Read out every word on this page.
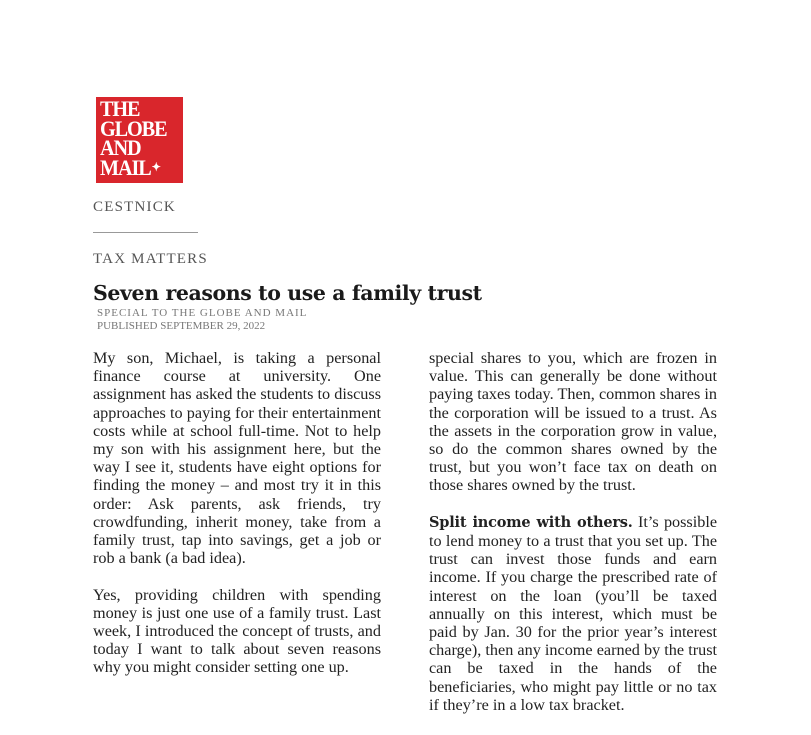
THE
GLOBE
AND
MAIL✦
CESTNICK
TAX MATTERS
Seven reasons to use a family trust
SPECIAL TO THE GLOBE AND MAIL
PUBLISHED SEPTEMBER 29, 2022

My son, Michael, is taking a personal finance course at university. One assignment has asked the students to discuss approaches to paying for their entertainment costs while at school full-time. Not to help my son with his assignment here, but the way I see it, students have eight options for finding the money – and most try it in this order: Ask parents, ask friends, try crowdfunding, inherit money, take from a family trust, tap into savings, get a job or rob a bank (a bad idea).

Yes, providing children with spending money is just one use of a family trust. Last week, I introduced the concept of trusts, and today I want to talk about seven reasons why you might consider setting one up.

special shares to you, which are frozen in value. This can generally be done without paying taxes today. Then, common shares in the corporation will be issued to a trust. As the assets in the corporation grow in value, so do the common shares owned by the trust, but you won’t face tax on death on those shares owned by the trust.

Split income with others. It’s possible to lend money to a trust that you set up. The trust can invest those funds and earn income. If you charge the prescribed rate of interest on the loan (you’ll be taxed annually on this interest, which must be paid by Jan. 30 for the prior year’s interest charge), then any income earned by the trust can be taxed in the hands of the beneficiaries, who might pay little or no tax if they’re in a low tax bracket.
